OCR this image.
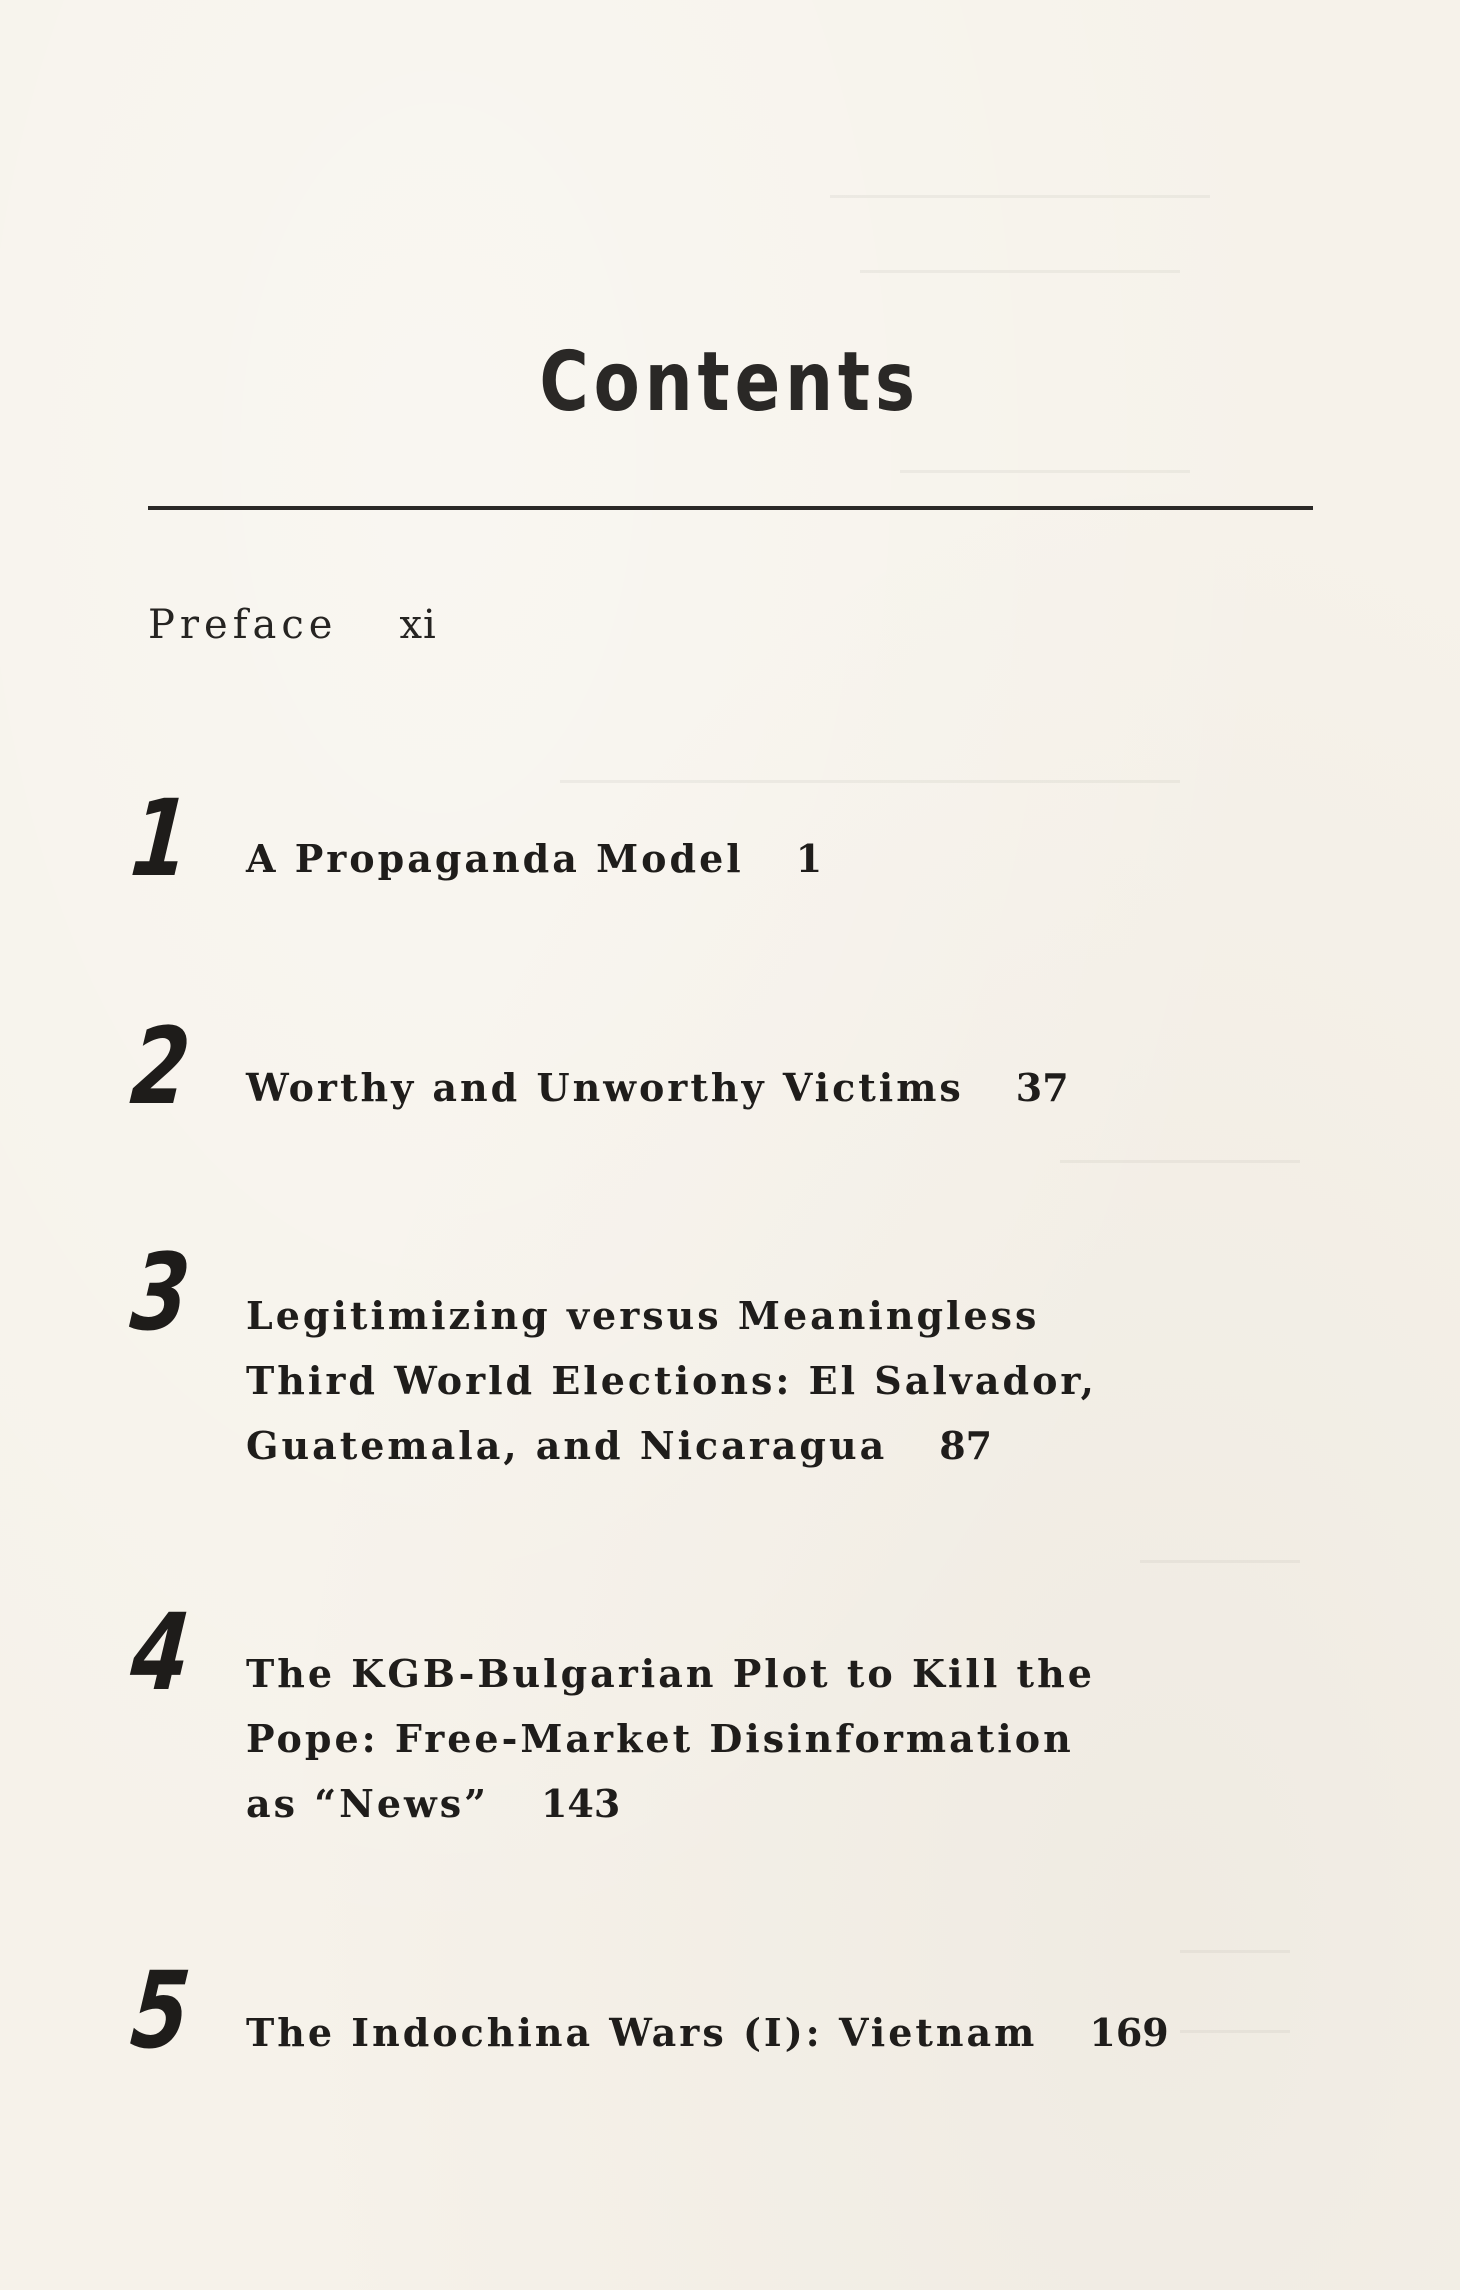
Contents
Preface xi
1 A Propaganda Model 1
2 Worthy and Unworthy Victims 37
3 Legitimizing versus Meaningless
Third World Elections: El Salvador,
Guatemala, and Nicaragua 87
4 The KGB-Bulgarian Plot to Kill the
Pope: Free-Market Disinformation
as “News” 143
5 The Indochina Wars (I): Vietnam 169
